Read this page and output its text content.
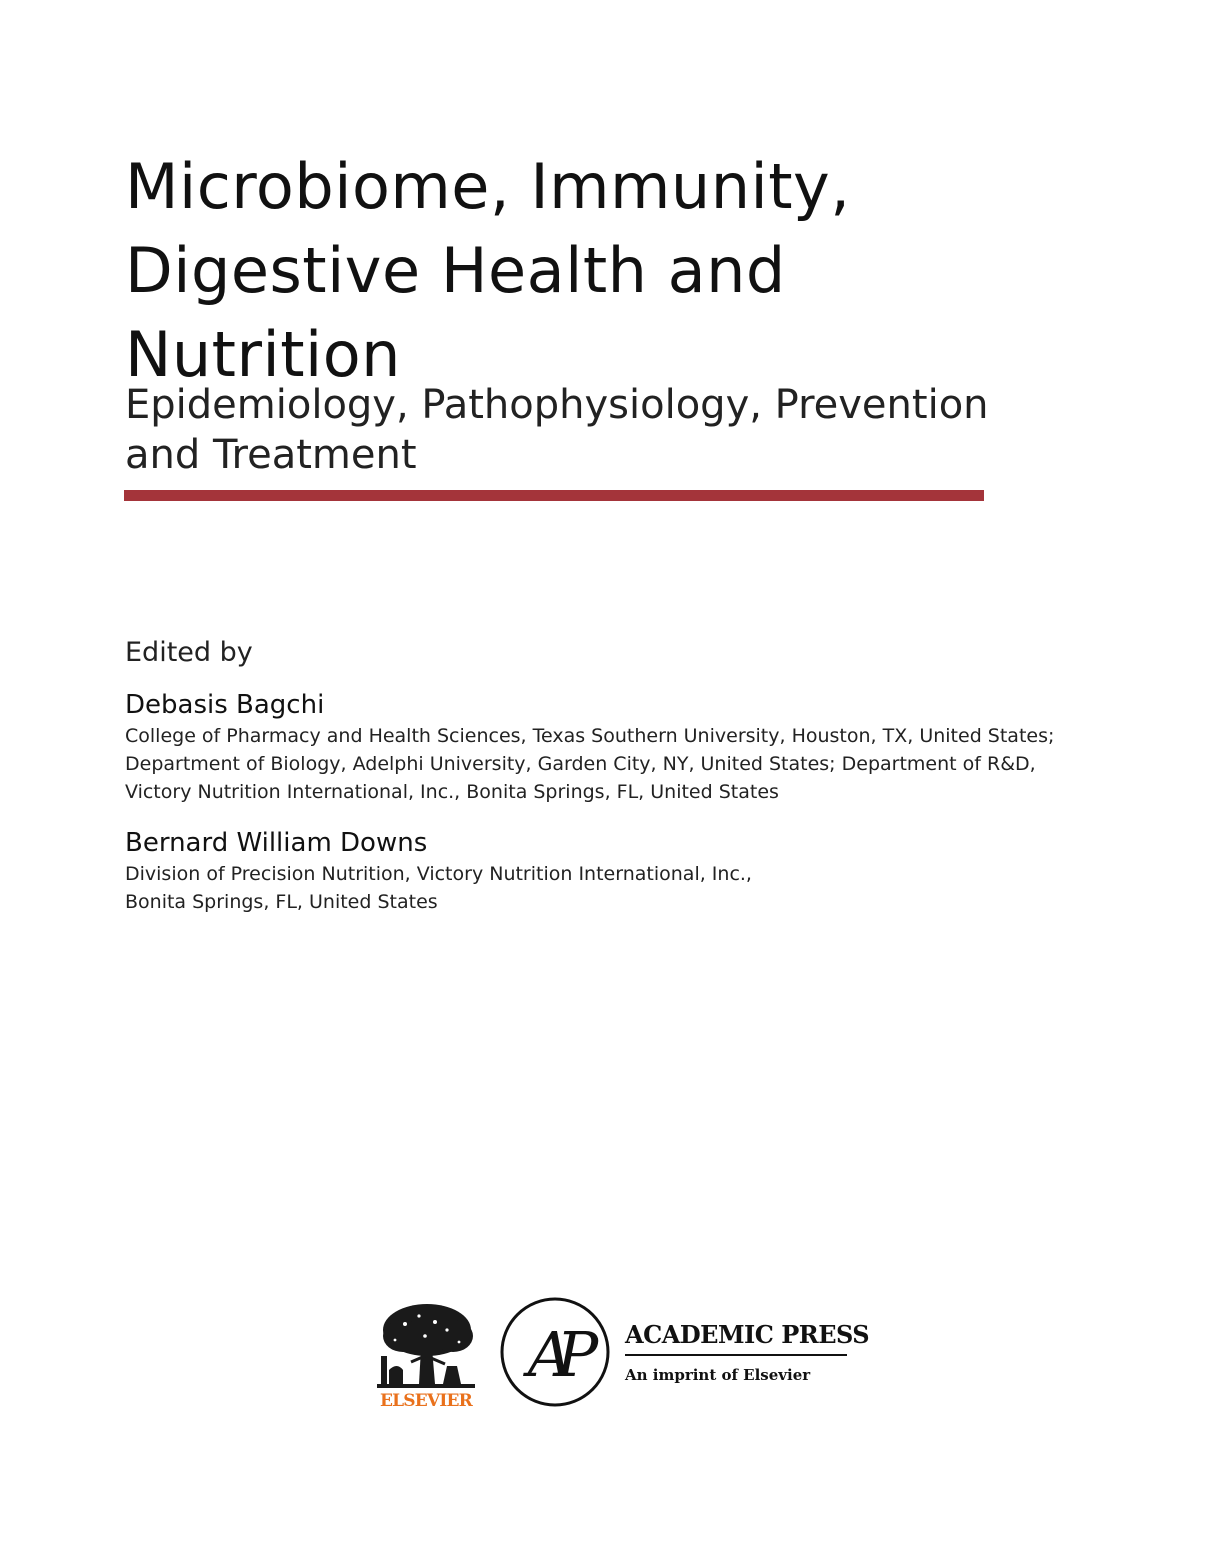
Microbiome, Immunity,
Digestive Health and
Nutrition
Epidemiology, Pathophysiology, Prevention
and Treatment
Edited by
Debasis Bagchi
College of Pharmacy and Health Sciences, Texas Southern University, Houston, TX, United States;
Department of Biology, Adelphi University, Garden City, NY, United States; Department of R&D,
Victory Nutrition International, Inc., Bonita Springs, FL, United States
Bernard William Downs
Division of Precision Nutrition, Victory Nutrition International, Inc.,
Bonita Springs, FL, United States
ELSEVIER
AP	ACADEMIC PRESS
An imprint of Elsevier
